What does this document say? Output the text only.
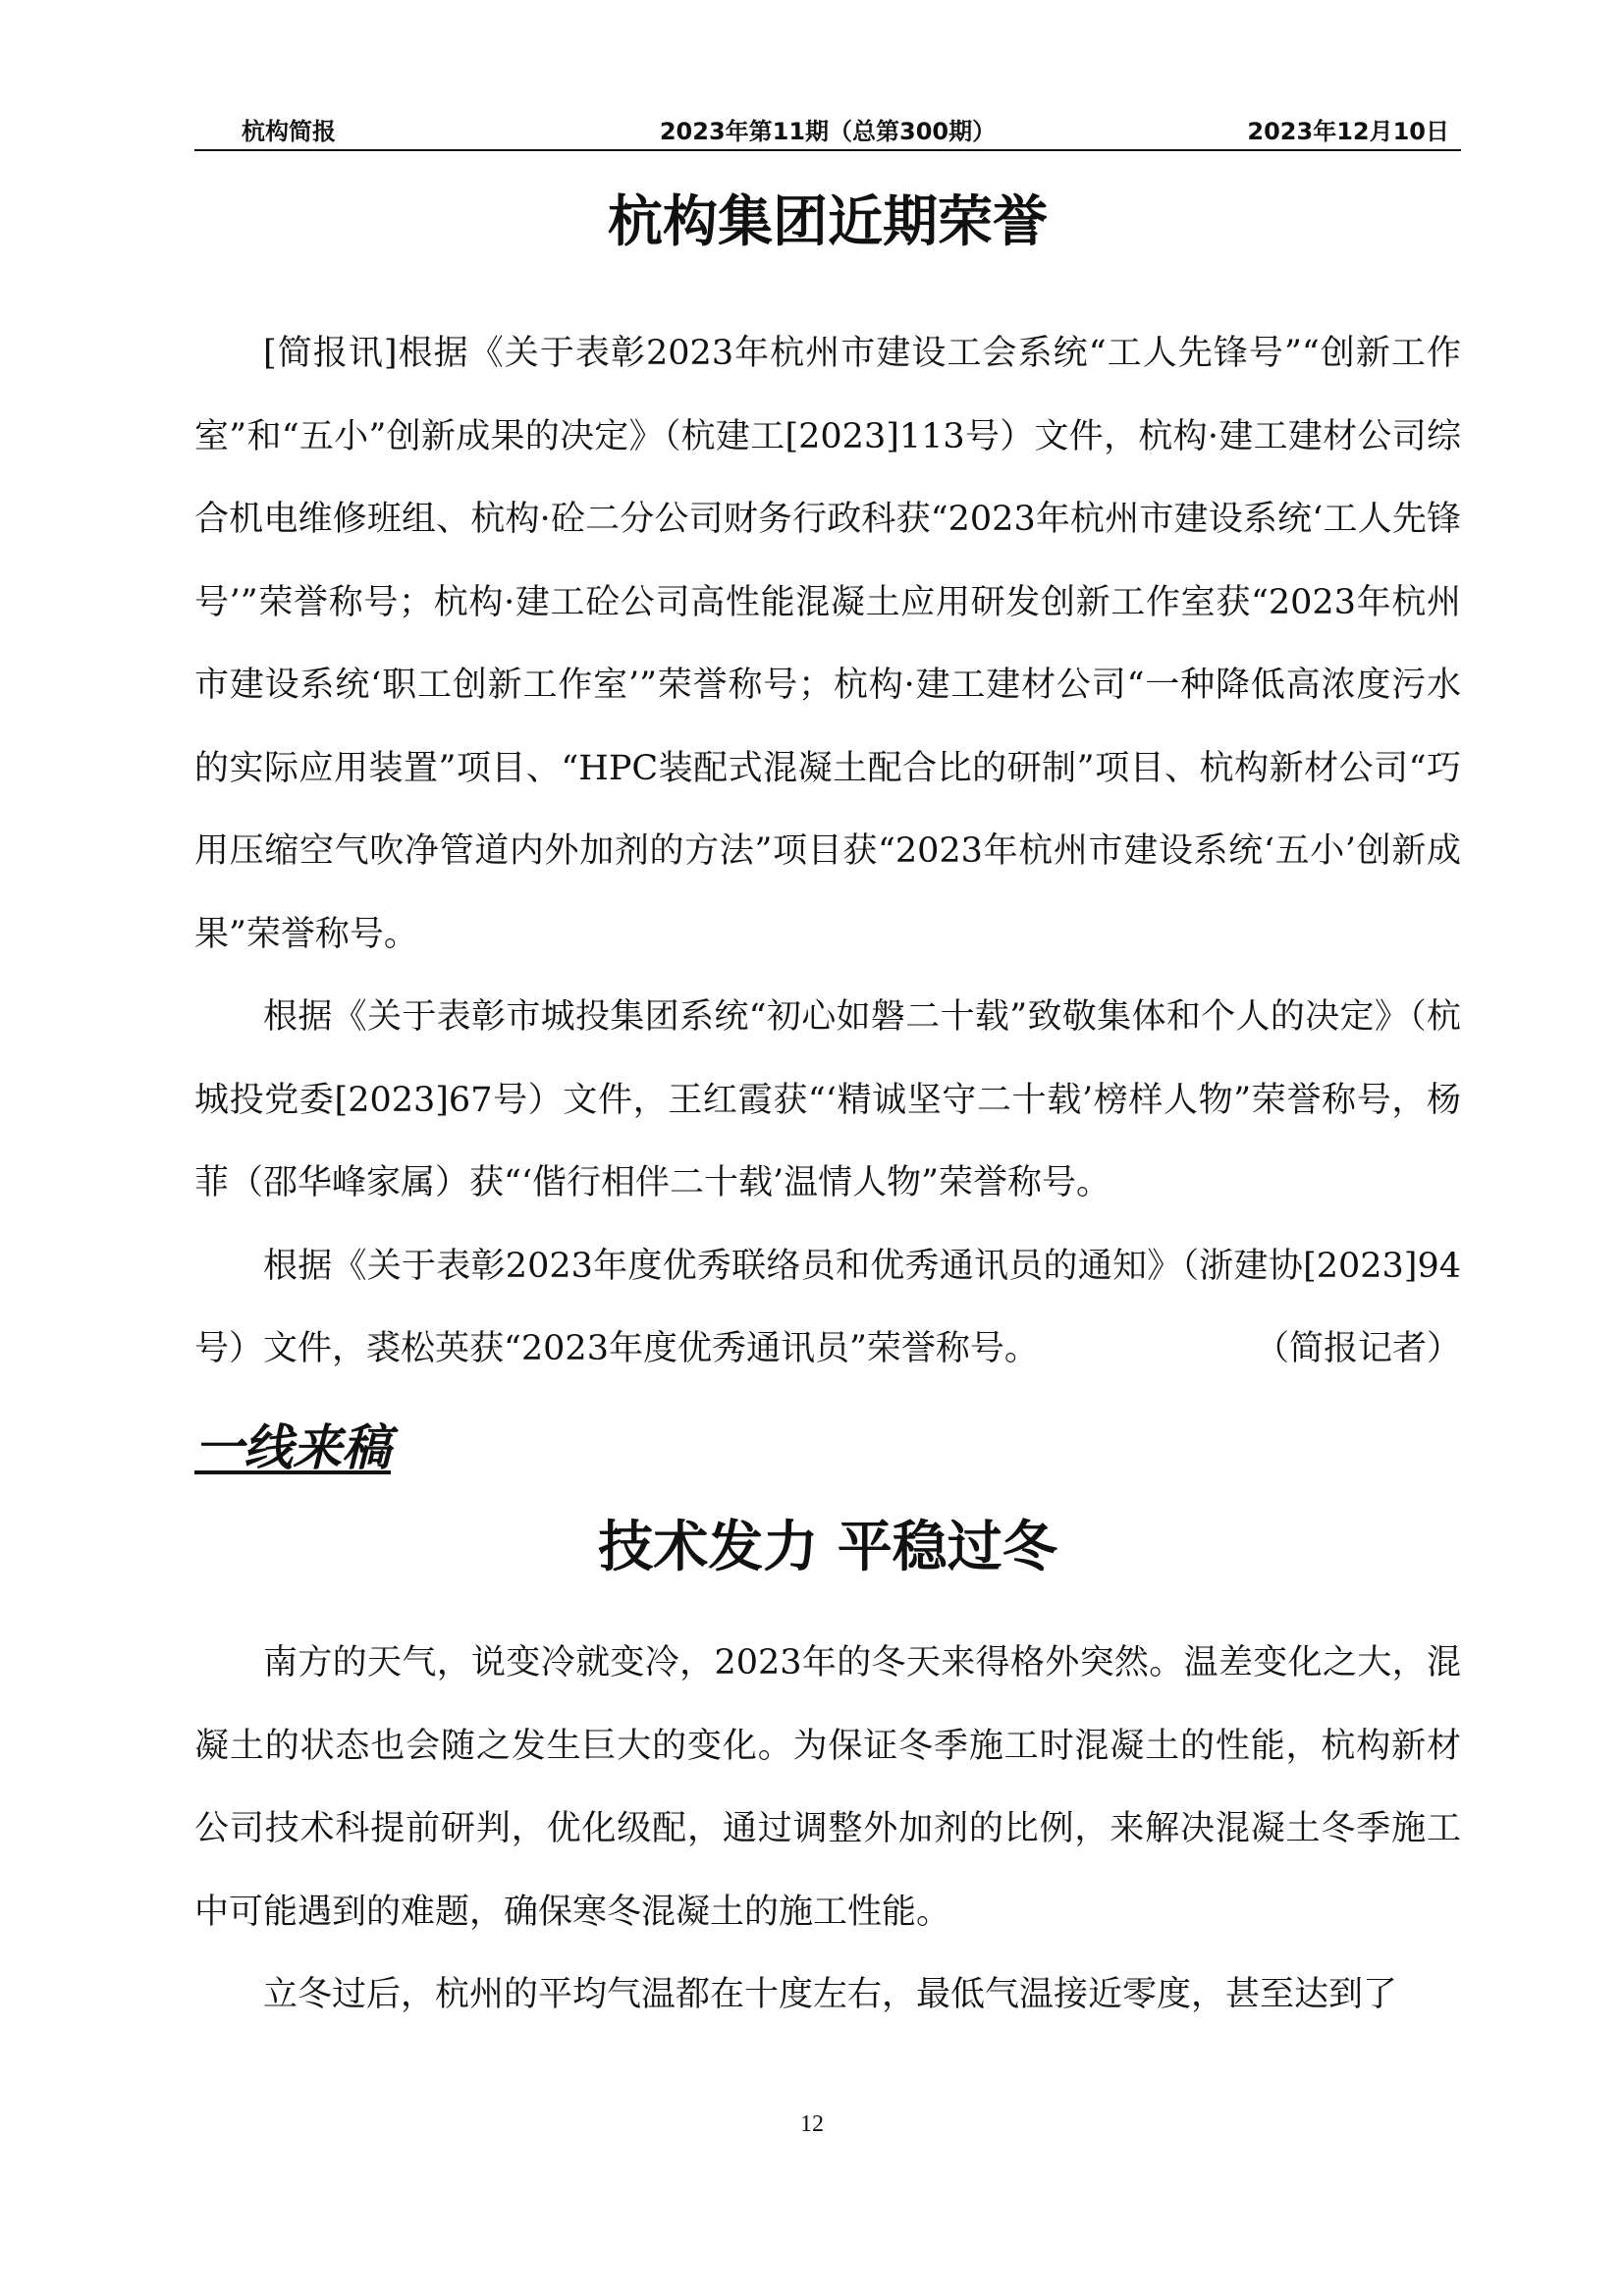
杭构简报	2023年第11期（总第300期）	2023年12月10日
杭构集团近期荣誉

[简报讯]根据《关于表彰2023年杭州市建设工会系统“工人先锋号”“创新工作室”和“五小”创新成果的决定》（杭建工[2023]113号）文件，杭构·建工建材公司综合机电维修班组、杭构·砼二分公司财务行政科获“2023年杭州市建设系统‘工人先锋号’”荣誉称号；杭构·建工砼公司高性能混凝土应用研发创新工作室获“2023年杭州市建设系统‘职工创新工作室’”荣誉称号；杭构·建工建材公司“一种降低高浓度污水的实际应用装置”项目、“HPC装配式混凝土配合比的研制”项目、杭构新材公司“巧用压缩空气吹净管道内外加剂的方法”项目获“2023年杭州市建设系统‘五小’创新成果”荣誉称号。

根据《关于表彰市城投集团系统“初心如磐二十载”致敬集体和个人的决定》（杭城投党委[2023]67号）文件，王红霞获“‘精诚坚守二十载’榜样人物”荣誉称号，杨菲（邵华峰家属）获“‘偕行相伴二十载’温情人物”荣誉称号。

根据《关于表彰2023年度优秀联络员和优秀通讯员的通知》（浙建协[2023]94号）文件，裘松英获“2023年度优秀通讯员”荣誉称号。	（简报记者）

一线来稿
技术发力 平稳过冬

南方的天气，说变冷就变冷，2023年的冬天来得格外突然。温差变化之大，混凝土的状态也会随之发生巨大的变化。为保证冬季施工时混凝土的性能，杭构新材公司技术科提前研判，优化级配，通过调整外加剂的比例，来解决混凝土冬季施工中可能遇到的难题，确保寒冬混凝土的施工性能。

立冬过后，杭州的平均气温都在十度左右，最低气温接近零度，甚至达到了

12
